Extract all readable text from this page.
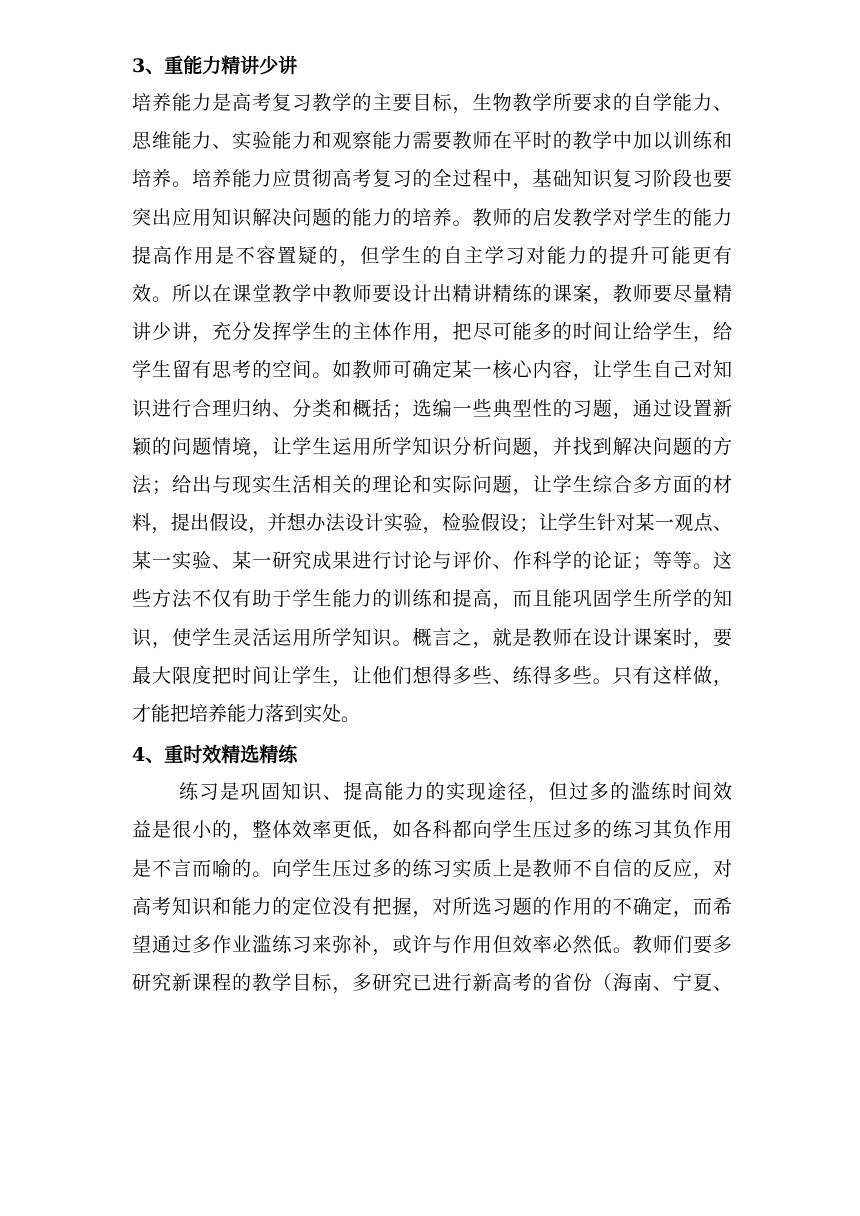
3、重能力精讲少讲
培养能力是高考复习教学的主要目标，生物教学所要求的自学能力、
思维能力、实验能力和观察能力需要教师在平时的教学中加以训练和
培养。培养能力应贯彻高考复习的全过程中，基础知识复习阶段也要
突出应用知识解决问题的能力的培养。教师的启发教学对学生的能力
提高作用是不容置疑的，但学生的自主学习对能力的提升可能更有
效。所以在课堂教学中教师要设计出精讲精练的课案，教师要尽量精
讲少讲，充分发挥学生的主体作用，把尽可能多的时间让给学生，给
学生留有思考的空间。如教师可确定某一核心内容，让学生自己对知
识进行合理归纳、分类和概括；选编一些典型性的习题，通过设置新
颖的问题情境，让学生运用所学知识分析问题，并找到解决问题的方
法；给出与现实生活相关的理论和实际问题，让学生综合多方面的材
料，提出假设，并想办法设计实验，检验假设；让学生针对某一观点、
某一实验、某一研究成果进行讨论与评价、作科学的论证；等等。这
些方法不仅有助于学生能力的训练和提高，而且能巩固学生所学的知
识，使学生灵活运用所学知识。概言之，就是教师在设计课案时，要
最大限度把时间让学生，让他们想得多些、练得多些。只有这样做，
才能把培养能力落到实处。
4、重时效精选精练
练习是巩固知识、提高能力的实现途径，但过多的滥练时间效
益是很小的，整体效率更低，如各科都向学生压过多的练习其负作用
是不言而喻的。向学生压过多的练习实质上是教师不自信的反应，对
高考知识和能力的定位没有把握，对所选习题的作用的不确定，而希
望通过多作业滥练习来弥补，或许与作用但效率必然低。教师们要多
研究新课程的教学目标，多研究已进行新高考的省份（海南、宁夏、
